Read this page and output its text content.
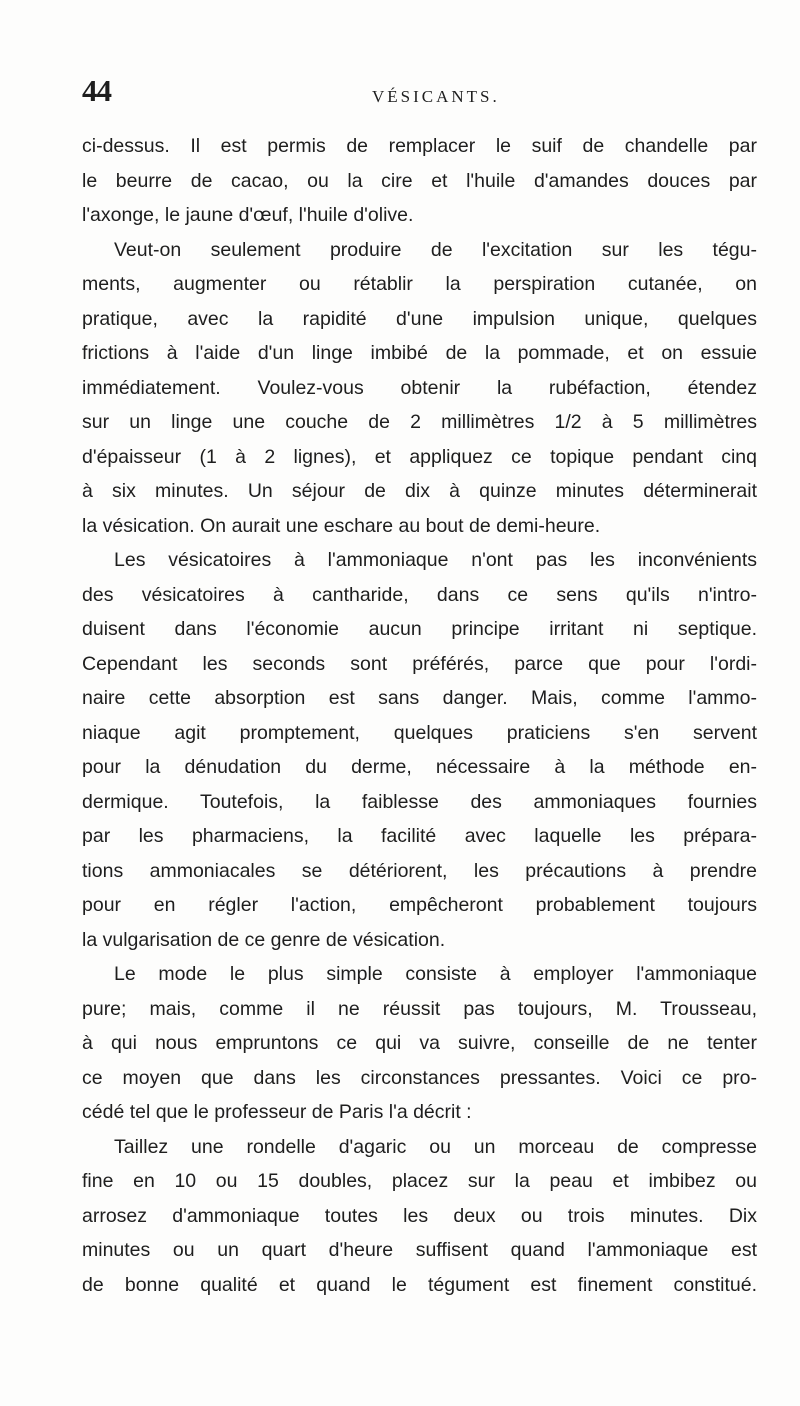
44	VÉSICANTS.
ci-dessus. Il est permis de remplacer le suif de chandelle par
le beurre de cacao, ou la cire et l'huile d'amandes douces par
l'axonge, le jaune d'œuf, l'huile d'olive.
Veut-on seulement produire de l'excitation sur les tégu-
ments, augmenter ou rétablir la perspiration cutanée, on
pratique, avec la rapidité d'une impulsion unique, quelques
frictions à l'aide d'un linge imbibé de la pommade, et on essuie
immédiatement. Voulez-vous obtenir la rubéfaction, étendez
sur un linge une couche de 2 millimètres 1/2 à 5 millimètres
d'épaisseur (1 à 2 lignes), et appliquez ce topique pendant cinq
à six minutes. Un séjour de dix à quinze minutes déterminerait
la vésication. On aurait une eschare au bout de demi-heure.
Les vésicatoires à l'ammoniaque n'ont pas les inconvénients
des vésicatoires à cantharide, dans ce sens qu'ils n'intro-
duisent dans l'économie aucun principe irritant ni septique.
Cependant les seconds sont préférés, parce que pour l'ordi-
naire cette absorption est sans danger. Mais, comme l'ammo-
niaque agit promptement, quelques praticiens s'en servent
pour la dénudation du derme, nécessaire à la méthode en-
dermique. Toutefois, la faiblesse des ammoniaques fournies
par les pharmaciens, la facilité avec laquelle les prépara-
tions ammoniacales se détériorent, les précautions à prendre
pour en régler l'action, empêcheront probablement toujours
la vulgarisation de ce genre de vésication.
Le mode le plus simple consiste à employer l'ammoniaque
pure; mais, comme il ne réussit pas toujours, M. Trousseau,
à qui nous empruntons ce qui va suivre, conseille de ne tenter
ce moyen que dans les circonstances pressantes. Voici ce pro-
cédé tel que le professeur de Paris l'a décrit :
Taillez une rondelle d'agaric ou un morceau de compresse
fine en 10 ou 15 doubles, placez sur la peau et imbibez ou
arrosez d'ammoniaque toutes les deux ou trois minutes. Dix
minutes ou un quart d'heure suffisent quand l'ammoniaque est
de bonne qualité et quand le tégument est finement constitué.
